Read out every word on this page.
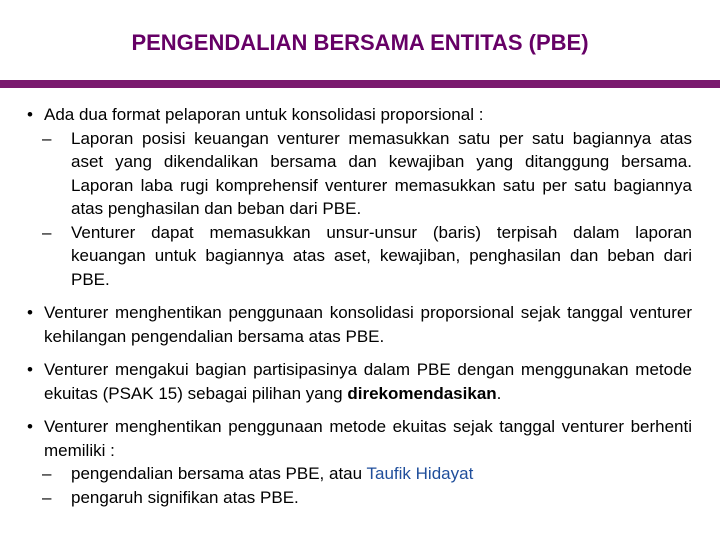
PENGENDALIAN BERSAMA ENTITAS (PBE)
• Ada dua format pelaporan untuk konsolidasi proporsional :
– Laporan posisi keuangan venturer memasukkan satu per satu bagiannya atas aset yang dikendalikan bersama dan kewajiban yang ditanggung bersama. Laporan laba rugi komprehensif venturer memasukkan satu per satu bagiannya atas penghasilan dan beban dari PBE.
– Venturer dapat memasukkan unsur-unsur (baris) terpisah dalam laporan keuangan untuk bagiannya atas aset, kewajiban, penghasilan dan beban dari PBE.
• Venturer menghentikan penggunaan konsolidasi proporsional sejak tanggal venturer kehilangan pengendalian bersama atas PBE.
• Venturer mengakui bagian partisipasinya dalam PBE dengan menggunakan metode ekuitas (PSAK 15) sebagai pilihan yang direkomendasikan.
• Venturer menghentikan penggunaan metode ekuitas sejak tanggal venturer berhenti memiliki :
– pengendalian bersama atas PBE, atau Taufik Hidayat
– pengaruh signifikan atas PBE.
